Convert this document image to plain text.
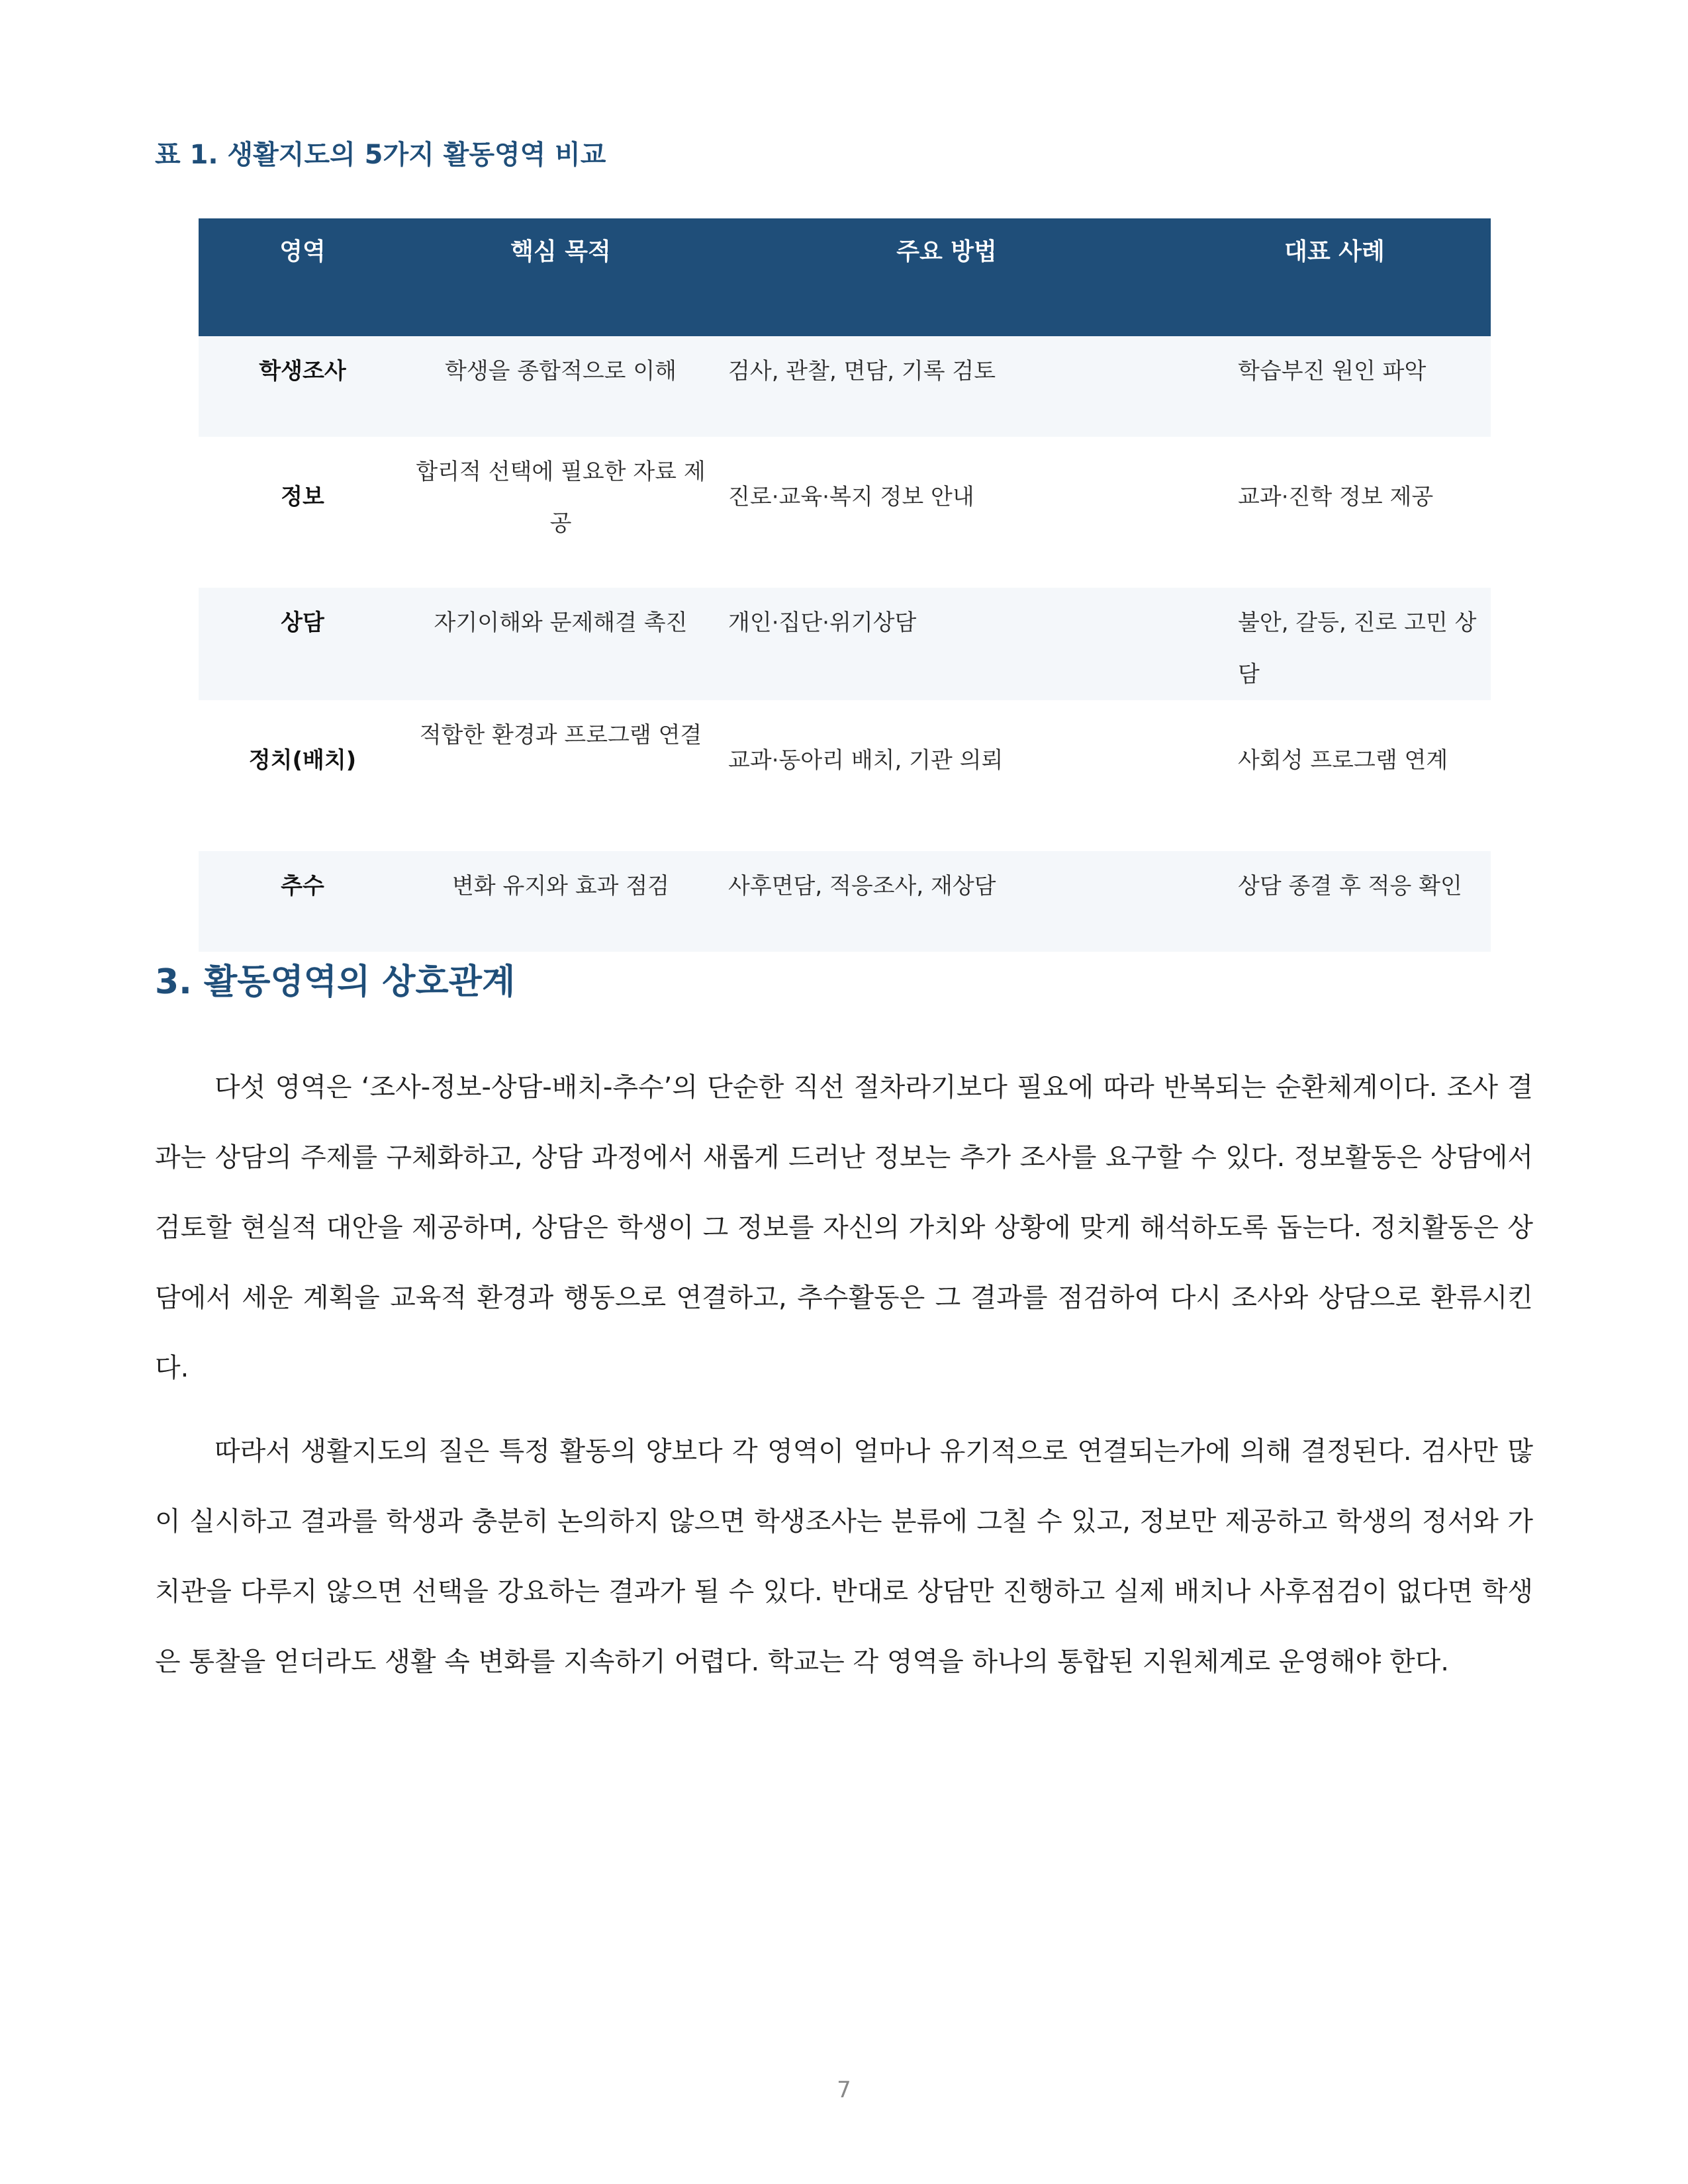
표 1. 생활지도의 5가지 활동영역 비교

영역	핵심 목적	주요 방법	대표 사례
학생조사	학생을 종합적으로 이해	검사, 관찰, 면담, 기록 검토	학습부진 원인 파악
정보	합리적 선택에 필요한 자료 제공	진로·교육·복지 정보 안내	교과·진학 정보 제공
상담	자기이해와 문제해결 촉진	개인·집단·위기상담	불안, 갈등, 진로 고민 상담
정치(배치)	적합한 환경과 프로그램 연결	교과·동아리 배치, 기관 의뢰	사회성 프로그램 연계
추수	변화 유지와 효과 점검	사후면담, 적응조사, 재상담	상담 종결 후 적응 확인
3. 활동영역의 상호관계

다섯 영역은 ‘조사-정보-상담-배치-추수’의 단순한 직선 절차라기보다 필요에 따라 반복되는 순환체계이다. 조사 결과는 상담의 주제를 구체화하고, 상담 과정에서 새롭게 드러난 정보는 추가 조사를 요구할 수 있다. 정보활동은 상담에서 검토할 현실적 대안을 제공하며, 상담은 학생이 그 정보를 자신의 가치와 상황에 맞게 해석하도록 돕는다. 정치활동은 상담에서 세운 계획을 교육적 환경과 행동으로 연결하고, 추수활동은 그 결과를 점검하여 다시 조사와 상담으로 환류시킨다.

따라서 생활지도의 질은 특정 활동의 양보다 각 영역이 얼마나 유기적으로 연결되는가에 의해 결정된다. 검사만 많이 실시하고 결과를 학생과 충분히 논의하지 않으면 학생조사는 분류에 그칠 수 있고, 정보만 제공하고 학생의 정서와 가치관을 다루지 않으면 선택을 강요하는 결과가 될 수 있다. 반대로 상담만 진행하고 실제 배치나 사후점검이 없다면 학생은 통찰을 얻더라도 생활 속 변화를 지속하기 어렵다. 학교는 각 영역을 하나의 통합된 지원체계로 운영해야 한다.

7
